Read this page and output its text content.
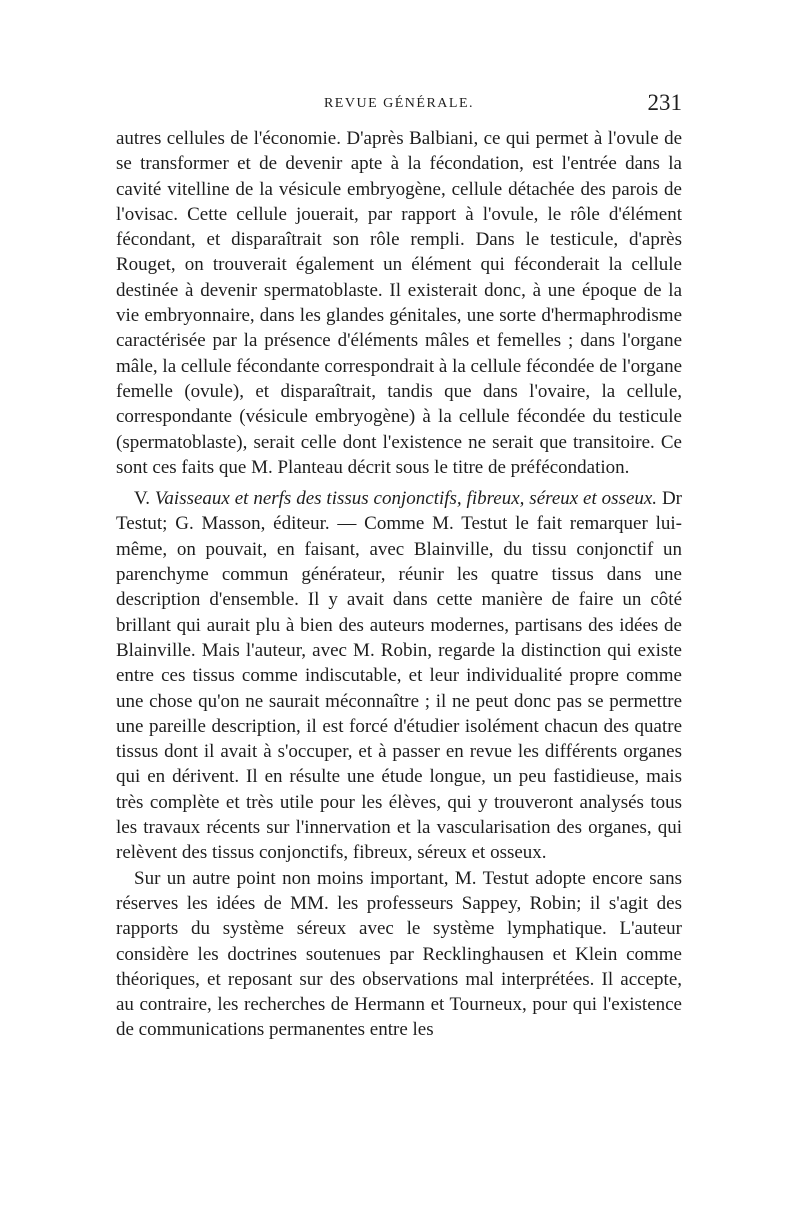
REVUE GÉNÉRALE.	231

autres cellules de l'économie. D'après Balbiani, ce qui permet à l'ovule de se transformer et de devenir apte à la fécondation, est l'entrée dans la cavité vitelline de la vésicule embryogène, cellule détachée des parois de l'ovisac. Cette cellule jouerait, par rapport à l'ovule, le rôle d'élément fécondant, et disparaîtrait son rôle rempli. Dans le testicule, d'après Rouget, on trouverait également un élément qui féconderait la cellule destinée à devenir spermatoblaste. Il existerait donc, à une époque de la vie embryonnaire, dans les glandes génitales, une sorte d'hermaphrodisme caractérisée par la présence d'éléments mâles et femelles ; dans l'organe mâle, la cellule fécondante correspondrait à la cellule fécondée de l'organe femelle (ovule), et disparaîtrait, tandis que dans l'ovaire, la cellule, correspondante (vésicule embryogène) à la cellule fécondée du testicule (spermatoblaste), serait celle dont l'existence ne serait que transitoire. Ce sont ces faits que M. Planteau décrit sous le titre de préfécondation.

V. Vaisseaux et nerfs des tissus conjonctifs, fibreux, séreux et osseux. Dr Testut; G. Masson, éditeur. — Comme M. Testut le fait remarquer lui-même, on pouvait, en faisant, avec Blainville, du tissu conjonctif un parenchyme commun générateur, réunir les quatre tissus dans une description d'ensemble. Il y avait dans cette manière de faire un côté brillant qui aurait plu à bien des auteurs modernes, partisans des idées de Blainville. Mais l'auteur, avec M. Robin, regarde la distinction qui existe entre ces tissus comme indiscutable, et leur individualité propre comme une chose qu'on ne saurait méconnaître ; il ne peut donc pas se permettre une pareille description, il est forcé d'étudier isolément chacun des quatre tissus dont il avait à s'occuper, et à passer en revue les différents organes qui en dérivent. Il en résulte une étude longue, un peu fastidieuse, mais très complète et très utile pour les élèves, qui y trouveront analysés tous les travaux récents sur l'innervation et la vascularisation des organes, qui relèvent des tissus conjonctifs, fibreux, séreux et osseux.

Sur un autre point non moins important, M. Testut adopte encore sans réserves les idées de MM. les professeurs Sappey, Robin; il s'agit des rapports du système séreux avec le système lymphatique. L'auteur considère les doctrines soutenues par Recklinghausen et Klein comme théoriques, et reposant sur des observations mal interprétées. Il accepte, au contraire, les recherches de Hermann et Tourneux, pour qui l'existence de communications permanentes entre les
